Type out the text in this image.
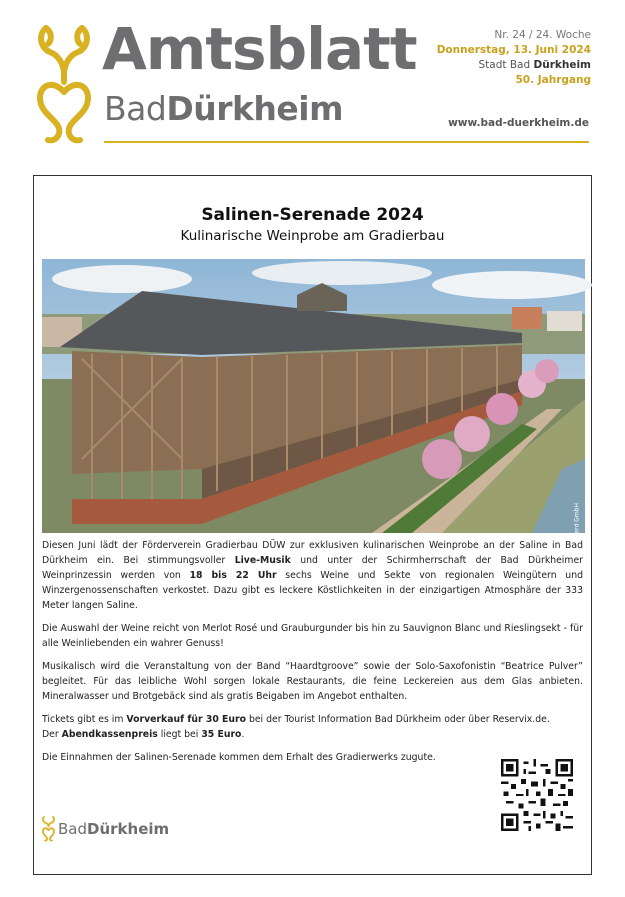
Amtsblatt
BadDürkheim
Nr. 24 / 24. Woche
Donnerstag, 13. Juni 2024
Stadt Bad Dürkheim
50. Jahrgang
www.bad-duerkheim.de
Salinen-Serenade 2024
Kulinarische Weinprobe am Gradierbau
Foto: © Hermann Jerd GmbH

Diesen Juni lädt der Förderverein Gradierbau DÜW zur exklusiven kulinarischen Weinprobe an der Saline in Bad Dürkheim ein. Bei stimmungsvoller Live-Musik und unter der Schirmherrschaft der Bad Dürkheimer Weinprinzessin werden von 18 bis 22 Uhr sechs Weine und Sekte von regionalen Weingütern und Winzergenossenschaften verkostet. Dazu gibt es leckere Köstlichkeiten in der einzigartigen Atmosphäre der 333 Meter langen Saline.

Die Auswahl der Weine reicht von Merlot Rosé und Grauburgunder bis hin zu Sauvignon Blanc und Rieslingsekt - für alle Weinliebenden ein wahrer Genuss!

Musikalisch wird die Veranstaltung von der Band “Haardtgroove” sowie der Solo-Saxofonistin “Beatrice Pulver” begleitet. Für das leibliche Wohl sorgen lokale Restaurants, die feine Leckereien aus dem Glas anbieten. Mineralwasser und Brotgebäck sind als gratis Beigaben im Angebot enthalten.

Tickets gibt es im Vorverkauf für 30 Euro bei der Tourist Information Bad Dürkheim oder über Reservix.de.
Der Abendkassenpreis liegt bei 35 Euro.

Die Einnahmen der Salinen-Serenade kommen dem Erhalt des Gradierwerks zugute.

BadDürkheim
